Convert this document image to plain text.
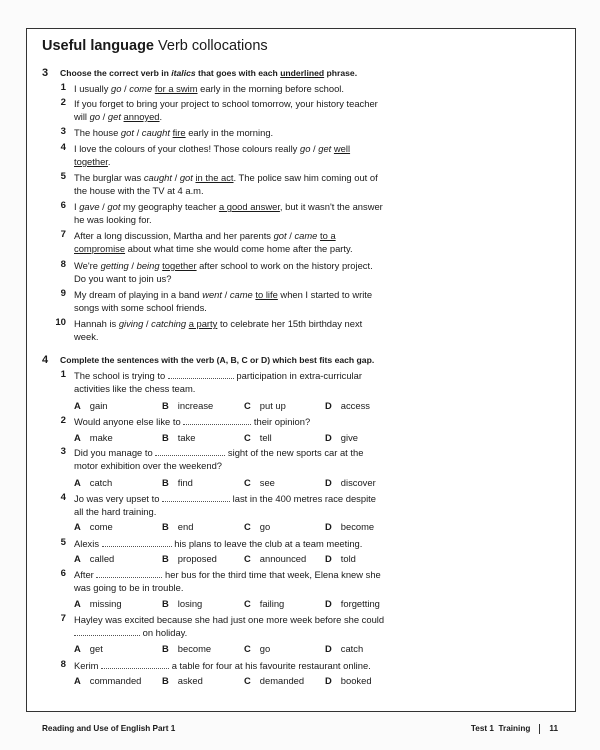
Useful language Verb collocations
3 Choose the correct verb in italics that goes with each underlined phrase.
1 I usually go / come for a swim early in the morning before school.
2 If you forget to bring your project to school tomorrow, your history teacher will go / get annoyed.
3 The house got / caught fire early in the morning.
4 I love the colours of your clothes! Those colours really go / get well together.
5 The burglar was caught / got in the act. The police saw him coming out of the house with the TV at 4 a.m.
6 I gave / got my geography teacher a good answer, but it wasn't the answer he was looking for.
7 After a long discussion, Martha and her parents got / came to a compromise about what time she would come home after the party.
8 We're getting / being together after school to work on the history project. Do you want to join us?
9 My dream of playing in a band went / came to life when I started to write songs with some school friends.
10 Hannah is giving / catching a party to celebrate her 15th birthday next week.
4 Complete the sentences with the verb (A, B, C or D) which best fits each gap.
1 The school is trying to	participation in extra-curricular activities like the chess team.
A gain	B increase	C put up	D access
2 Would anyone else like to	their opinion?
A make	B take	C tell	D give
3 Did you manage to	sight of the new sports car at the motor exhibition over the weekend?
A catch	B find	C see	D discover
4 Jo was very upset to	last in the 400 metres race despite all the hard training.
A come	B end	C go	D become
5 Alexis	his plans to leave the club at a team meeting.
A called	B proposed	C announced D told
6 After	her bus for the third time that week, Elena knew she was going to be in trouble.
A missing	B losing	C failing	D forgetting
7 Hayley was excited because she had just one more week before she could  on holiday.
A get	B become	C go	D catch
8 Kerim	a table for four at his favourite restaurant online.
A commanded B asked	C demanded D booked
Reading and Use of English Part 1	Test 1  Training 11
